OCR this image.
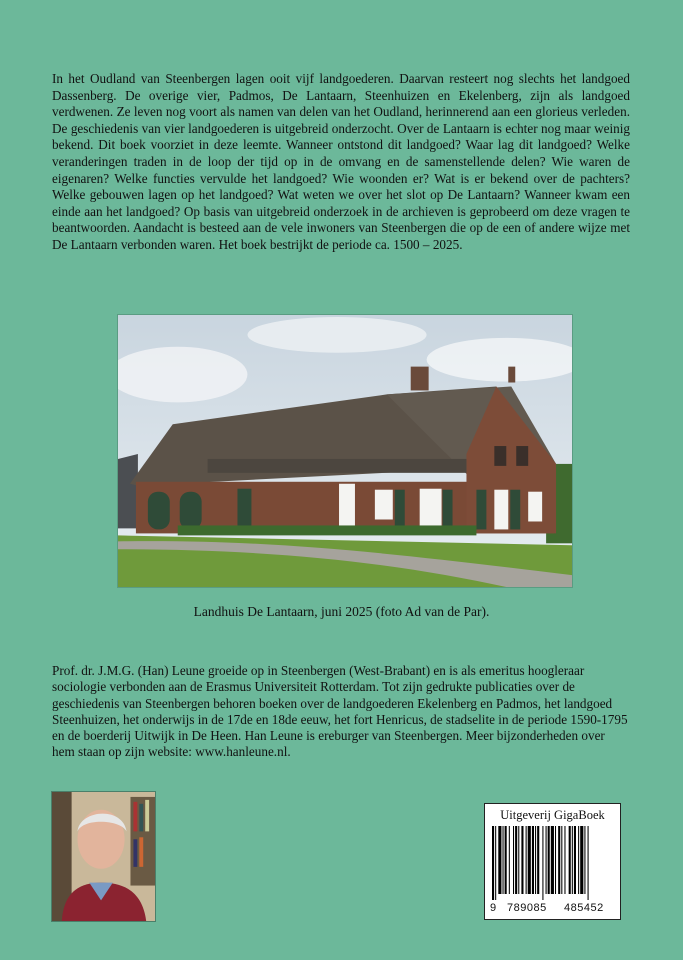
In het Oudland van Steenbergen lagen ooit vijf landgoederen. Daarvan resteert nog slechts het landgoed Dassenberg. De overige vier, Padmos, De Lantaarn, Steenhuizen en Ekelenberg, zijn als landgoed verdwenen. Ze leven nog voort als namen van delen van het Oudland, herinnerend aan een glorieus verleden. De geschiedenis van vier landgoederen is uitgebreid onderzocht. Over de Lantaarn is echter nog maar weinig bekend. Dit boek voorziet in deze leemte. Wanneer ontstond dit landgoed? Waar lag dit landgoed? Welke veranderingen traden in de loop der tijd op in de omvang en de samenstellende delen? Wie waren de eigenaren? Welke functies vervulde het landgoed? Wie woonden er? Wat is er bekend over de pachters? Welke gebouwen lagen op het landgoed? Wat weten we over het slot op De Lantaarn? Wanneer kwam een einde aan het landgoed? Op basis van uitgebreid onderzoek in de archieven is geprobeerd om deze vragen te beantwoorden. Aandacht is besteed aan de vele inwoners van Steenbergen die op de een of andere wijze met De Lantaarn verbonden waren. Het boek bestrijkt de periode ca. 1500 – 2025.

Landhuis De Lantaarn, juni 2025 (foto Ad van de Par).

Prof. dr. J.M.G. (Han) Leune groeide op in Steenbergen (West-Brabant) en is als emeritus hoogleraar sociologie verbonden aan de Erasmus Universiteit Rotterdam. Tot zijn gedrukte publicaties over de geschiedenis van Steenbergen behoren boeken over de landgoederen Ekelenberg en Padmos, het landgoed Steenhuizen, het onderwijs in de 17de en 18de eeuw, het fort Henricus, de stadselite in de periode 1590-1795 en de boerderij Uitwijk in De Heen. Han Leune is ereburger van Steenbergen. Meer bijzonderheden over hem staan op zijn website: www.hanleune.nl.

Uitgeverij GigaBoek
9 789085 485452
